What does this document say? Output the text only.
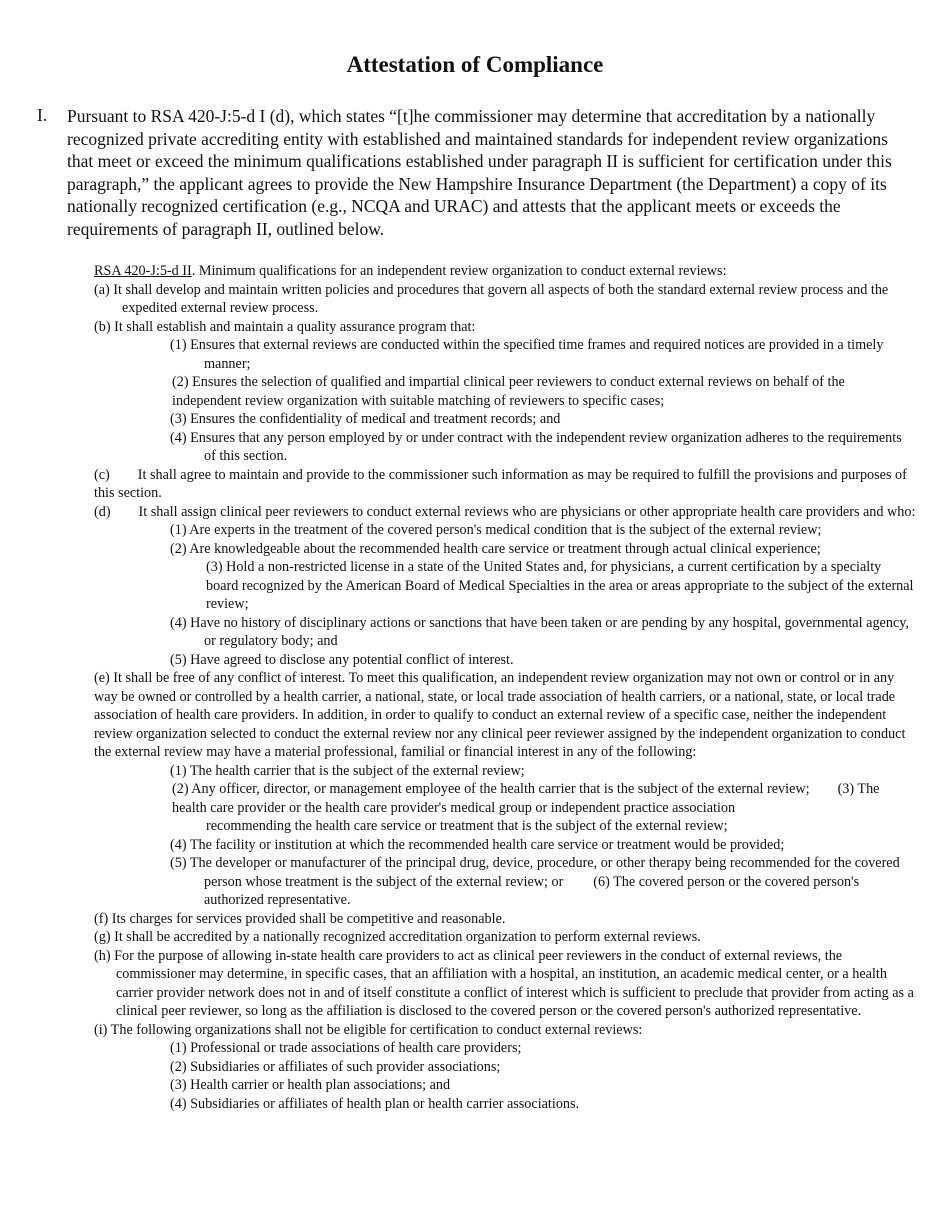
Attestation of Compliance
I. Pursuant to RSA 420-J:5-d I (d), which states “[t]he commissioner may determine that accreditation by a nationally recognized private accrediting entity with established and maintained standards for independent review organizations that meet or exceed the minimum qualifications established under paragraph II is sufficient for certification under this paragraph,” the applicant agrees to provide the New Hampshire Insurance Department (the Department) a copy of its nationally recognized certification (e.g., NCQA and URAC) and attests that the applicant meets or exceeds the requirements of paragraph II, outlined below.

RSA 420-J:5-d II. Minimum qualifications for an independent review organization to conduct external reviews:

(a) It shall develop and maintain written policies and procedures that govern all aspects of both the standard external review process and the expedited external review process.

(b) It shall establish and maintain a quality assurance program that:

(1) Ensures that external reviews are conducted within the specified time frames and required notices are provided in a timely manner;

(2) Ensures the selection of qualified and impartial clinical peer reviewers to conduct external reviews on behalf of the independent review organization with suitable matching of reviewers to specific cases;

(3) Ensures the confidentiality of medical and treatment records; and

(4) Ensures that any person employed by or under contract with the independent review organization adheres to the requirements of this section.

(c) It shall agree to maintain and provide to the commissioner such information as may be required to fulfill the provisions and purposes of this section.

(d) It shall assign clinical peer reviewers to conduct external reviews who are physicians or other appropriate health care providers and who:

(1) Are experts in the treatment of the covered person's medical condition that is the subject of the external review;

(2) Are knowledgeable about the recommended health care service or treatment through actual clinical experience;

(3) Hold a non-restricted license in a state of the United States and, for physicians, a current certification by a specialty board recognized by the American Board of Medical Specialties in the area or areas appropriate to the subject of the external review;

(4) Have no history of disciplinary actions or sanctions that have been taken or are pending by any hospital, governmental agency, or regulatory body; and

(5) Have agreed to disclose any potential conflict of interest.

(e) It shall be free of any conflict of interest. To meet this qualification, an independent review organization may not own or control or in any way be owned or controlled by a health carrier, a national, state, or local trade association of health carriers, or a national, state, or local trade association of health care providers. In addition, in order to qualify to conduct an external review of a specific case, neither the independent review organization selected to conduct the external review nor any clinical peer reviewer assigned by the independent organization to conduct the external review may have a material professional, familial or financial interest in any of the following:

(1) The health carrier that is the subject of the external review;

(2) Any officer, director, or management employee of the health carrier that is the subject of the external review; (3) The health care provider or the health care provider's medical group or independent practice association

recommending the health care service or treatment that is the subject of the external review;

(4) The facility or institution at which the recommended health care service or treatment would be provided;

(5) The developer or manufacturer of the principal drug, device, procedure, or other therapy being recommended for the covered person whose treatment is the subject of the external review; or (6) The covered person or the covered person's authorized representative.

(f) Its charges for services provided shall be competitive and reasonable.

(g) It shall be accredited by a nationally recognized accreditation organization to perform external reviews.

(h) For the purpose of allowing in-state health care providers to act as clinical peer reviewers in the conduct of external reviews, the commissioner may determine, in specific cases, that an affiliation with a hospital, an institution, an academic medical center, or a health carrier provider network does not in and of itself constitute a conflict of interest which is sufficient to preclude that provider from acting as a clinical peer reviewer, so long as the affiliation is disclosed to the covered person or the covered person's authorized representative.

(i) The following organizations shall not be eligible for certification to conduct external reviews:

(1) Professional or trade associations of health care providers;

(2) Subsidiaries or affiliates of such provider associations;

(3) Health carrier or health plan associations; and

(4) Subsidiaries or affiliates of health plan or health carrier associations.
